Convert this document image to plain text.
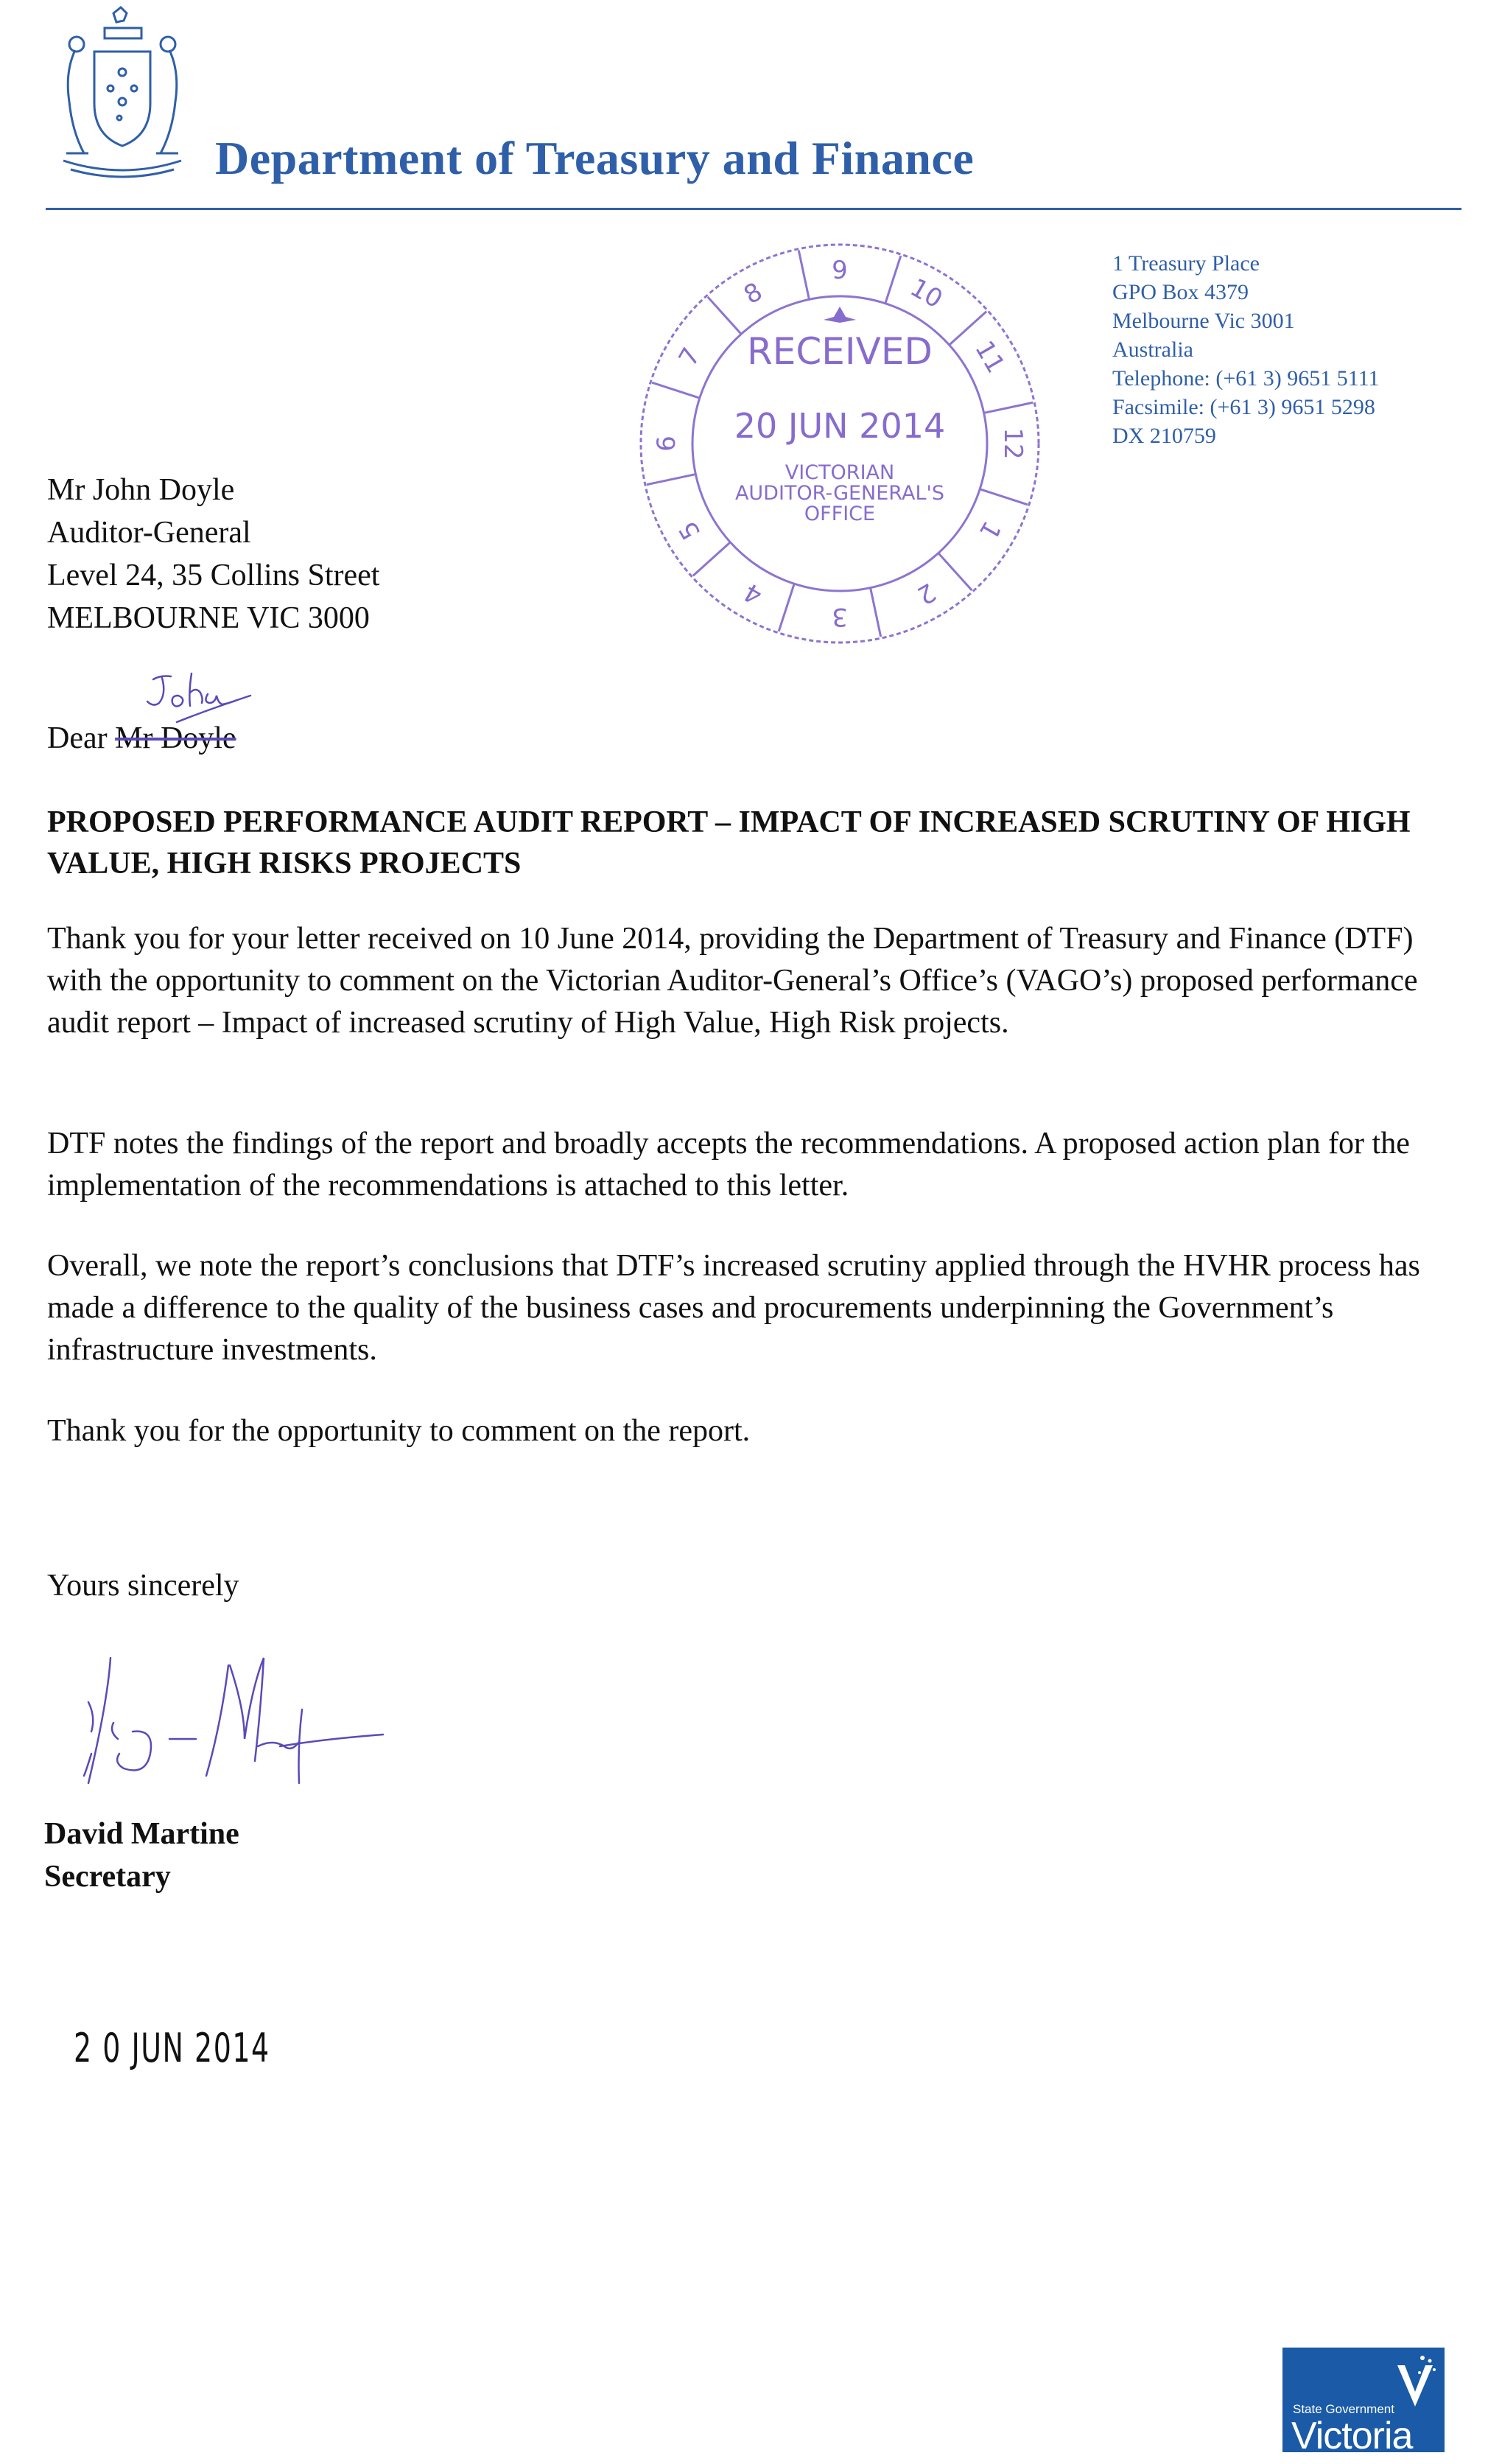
Department of Treasury and Finance
1 Treasury Place
GPO Box 4379
Melbourne Vic 3001
Australia
Telephone: (+61 3) 9651 5111
Facsimile: (+61 3) 9651 5298
DX 210759
RECEIVED
20 JUN 2014
VICTORIAN
AUDITOR-GENERAL'S
OFFICE
9
10
11
12
1
2
3
4
5
6
7
8
Mr John Doyle
Auditor-General
Level 24, 35 Collins Street
MELBOURNE VIC 3000
Dear Mr Doyle
PROPOSED PERFORMANCE AUDIT REPORT – IMPACT OF INCREASED SCRUTINY OF HIGH VALUE, HIGH RISKS PROJECTS
Thank you for your letter received on 10 June 2014, providing the Department of Treasury and Finance (DTF) with the opportunity to comment on the Victorian Auditor-General’s Office’s (VAGO’s) proposed performance audit report – Impact of increased scrutiny of High Value, High Risk projects.
DTF notes the findings of the report and broadly accepts the recommendations. A proposed action plan for the implementation of the recommendations is attached to this letter.
Overall, we note the report’s conclusions that DTF’s increased scrutiny applied through the HVHR process has made a difference to the quality of the business cases and procurements underpinning the Government’s infrastructure investments.
Thank you for the opportunity to comment on the report.
Yours sincerely
David Martine
Secretary
2 0 JUN 2014
State Government
Victoria
